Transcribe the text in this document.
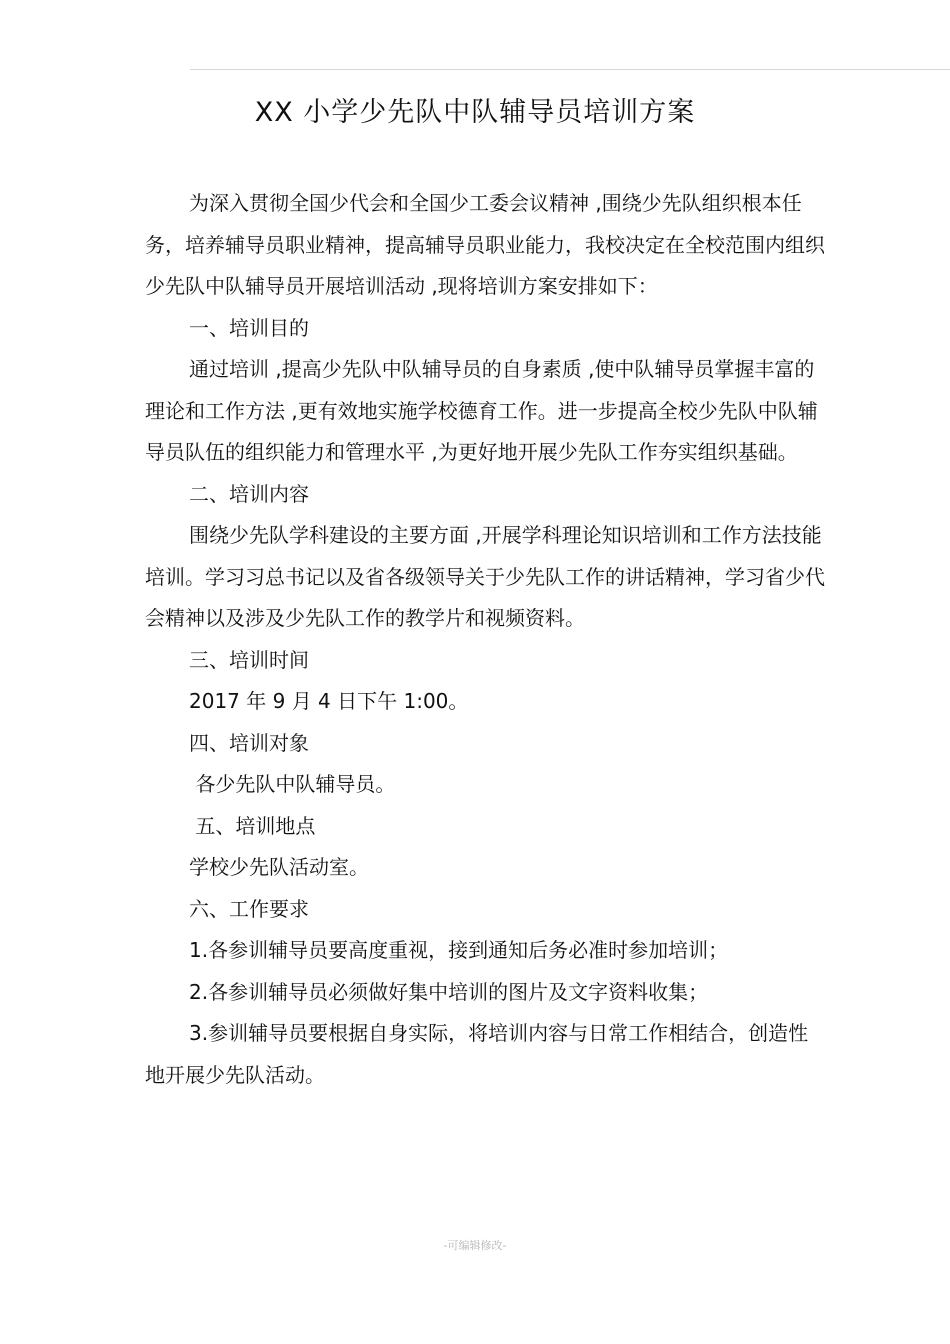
XX 小学少先队中队辅导员培训方案

为深入贯彻全国少代会和全国少工委会议精神 ,围绕少先队组织根本任务，培养辅导员职业精神，提高辅导员职业能力，我校决定在全校范围内组织少先队中队辅导员开展培训活动 ,现将培训方案安排如下：

一、培训目的

通过培训 ,提高少先队中队辅导员的自身素质 ,使中队辅导员掌握丰富的理论和工作方法 ,更有效地实施学校德育工作。进一步提高全校少先队中队辅导员队伍的组织能力和管理水平 ,为更好地开展少先队工作夯实组织基础。

二、培训内容

围绕少先队学科建设的主要方面 ,开展学科理论知识培训和工作方法技能培训。学习习总书记以及省各级领导关于少先队工作的讲话精神，学习省少代会精神以及涉及少先队工作的教学片和视频资料。

三、培训时间

2017 年 9 月 4 日下午 1:00。

四、培训对象

各少先队中队辅导员。

五、培训地点

学校少先队活动室。

六、工作要求

1.各参训辅导员要高度重视，接到通知后务必准时参加培训；

2.各参训辅导员必须做好集中培训的图片及文字资料收集；

3.参训辅导员要根据自身实际，将培训内容与日常工作相结合，创造性地开展少先队活动。

-可编辑修改-
